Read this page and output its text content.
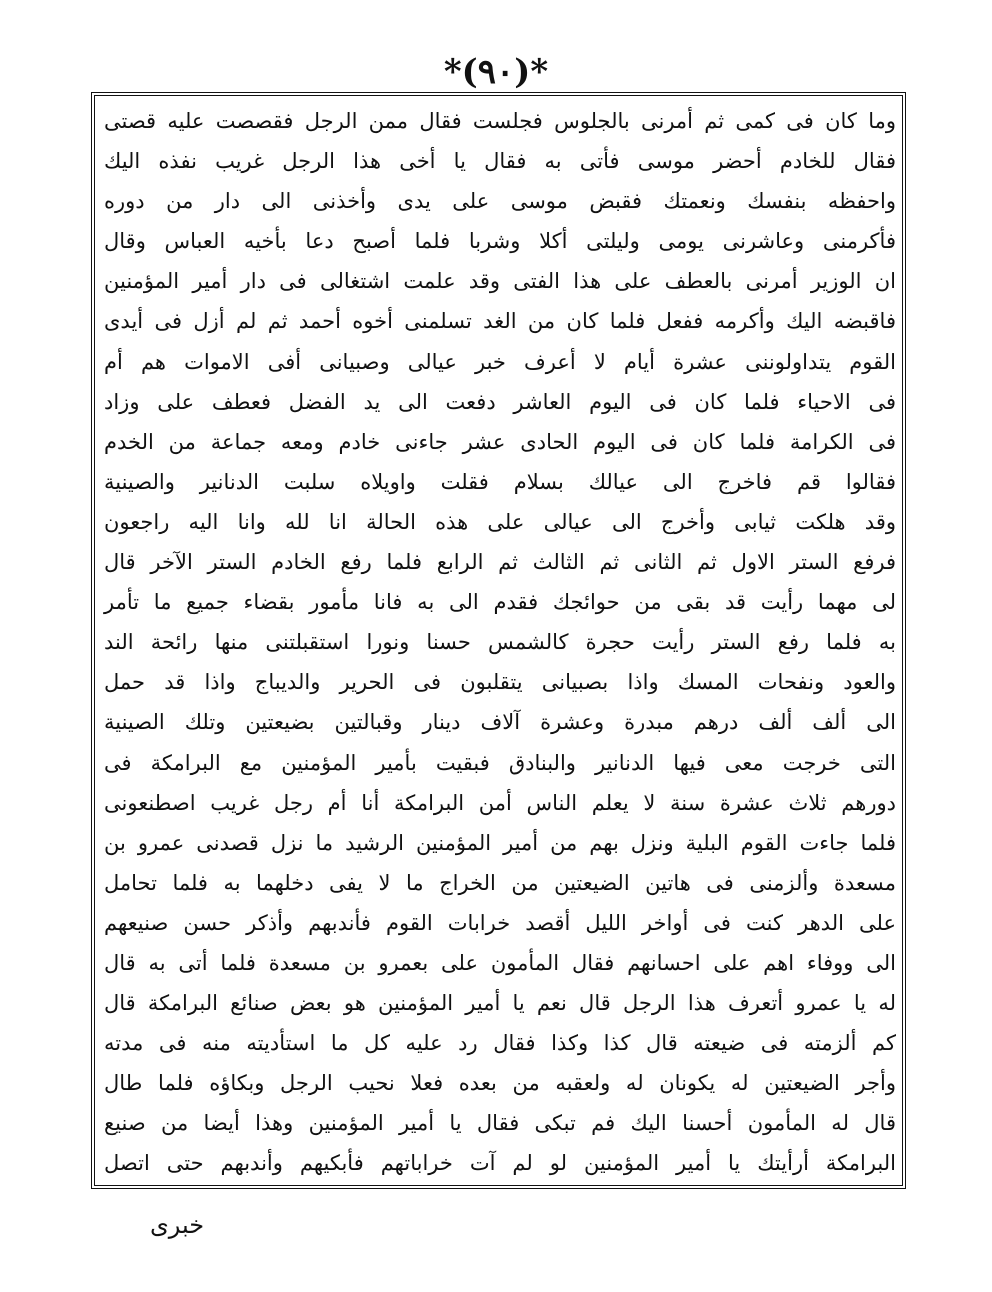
*(٩٠)*
وما كان فى كمى ثم أمرنى بالجلوس فجلست فقال ممن الرجل فقصصت عليه قصتى
فقال للخادم أحضر موسى فأتى به فقال يا أخى هذا الرجل غريب نفذه اليك
واحفظه بنفسك ونعمتك فقبض موسى على يدى وأخذنى الى دار من دوره
فأكرمنى وعاشرنى يومى وليلتى أكلا وشربا فلما أصبح دعا بأخيه العباس وقال
ان الوزير أمرنى بالعطف على هذا الفتى وقد علمت اشتغالى فى دار أمير المؤمنين
فاقبضه اليك وأكرمه ففعل فلما كان من الغد تسلمنى أخوه أحمد ثم لم أزل فى أيدى
القوم يتداولوننى عشرة أيام لا أعرف خبر عيالى وصبيانى أفى الاموات هم أم
فى الاحياء فلما كان فى اليوم العاشر دفعت الى يد الفضل فعطف على وزاد
فى الكرامة فلما كان فى اليوم الحادى عشر جاءنى خادم ومعه جماعة من الخدم
فقالوا قم فاخرج الى عيالك بسلام فقلت واويلاه سلبت الدنانير والصينية
وقد هلكت ثيابى وأخرج الى عيالى على هذه الحالة انا لله وانا اليه راجعون
فرفع الستر الاول ثم الثانى ثم الثالث ثم الرابع فلما رفع الخادم الستر الآخر قال
لى مهما رأيت قد بقى من حوائجك فقدم الى به فانا مأمور بقضاء جميع ما تأمر
به فلما رفع الستر رأيت حجرة كالشمس حسنا ونورا استقبلتنى منها رائحة الند
والعود ونفحات المسك واذا بصبيانى يتقلبون فى الحرير والديباج واذا قد حمل
الى ألف ألف درهم مبدرة وعشرة آلاف دينار وقبالتين بضيعتين وتلك الصينية
التى خرجت معى فيها الدنانير والبنادق فبقيت بأمير المؤمنين مع البرامكة فى
دورهم ثلاث عشرة سنة لا يعلم الناس أمن البرامكة أنا أم رجل غريب اصطنعونى
فلما جاءت القوم البلية ونزل بهم من أمير المؤمنين الرشيد ما نزل قصدنى عمرو بن
مسعدة وألزمنى فى هاتين الضيعتين من الخراج ما لا يفى دخلهما به فلما تحامل
على الدهر كنت فى أواخر الليل أقصد خرابات القوم فأندبهم وأذكر حسن صنيعهم
الى ووفاء اهم على احسانهم فقال المأمون على بعمرو بن مسعدة فلما أتى به قال
له يا عمرو أتعرف هذا الرجل قال نعم يا أمير المؤمنين هو بعض صنائع البرامكة قال
كم ألزمته فى ضيعته قال كذا وكذا فقال رد عليه كل ما استأديته منه فى مدته
وأجر الضيعتين له يكونان له ولعقبه من بعده فعلا نحيب الرجل وبكاؤه فلما طال
قال له المأمون أحسنا اليك فم تبكى فقال يا أمير المؤمنين وهذا أيضا من صنيع
البرامكة أرأيتك يا أمير المؤمنين لو لم آت خراباتهم فأبكيهم وأندبهم حتى اتصل
خبرى
